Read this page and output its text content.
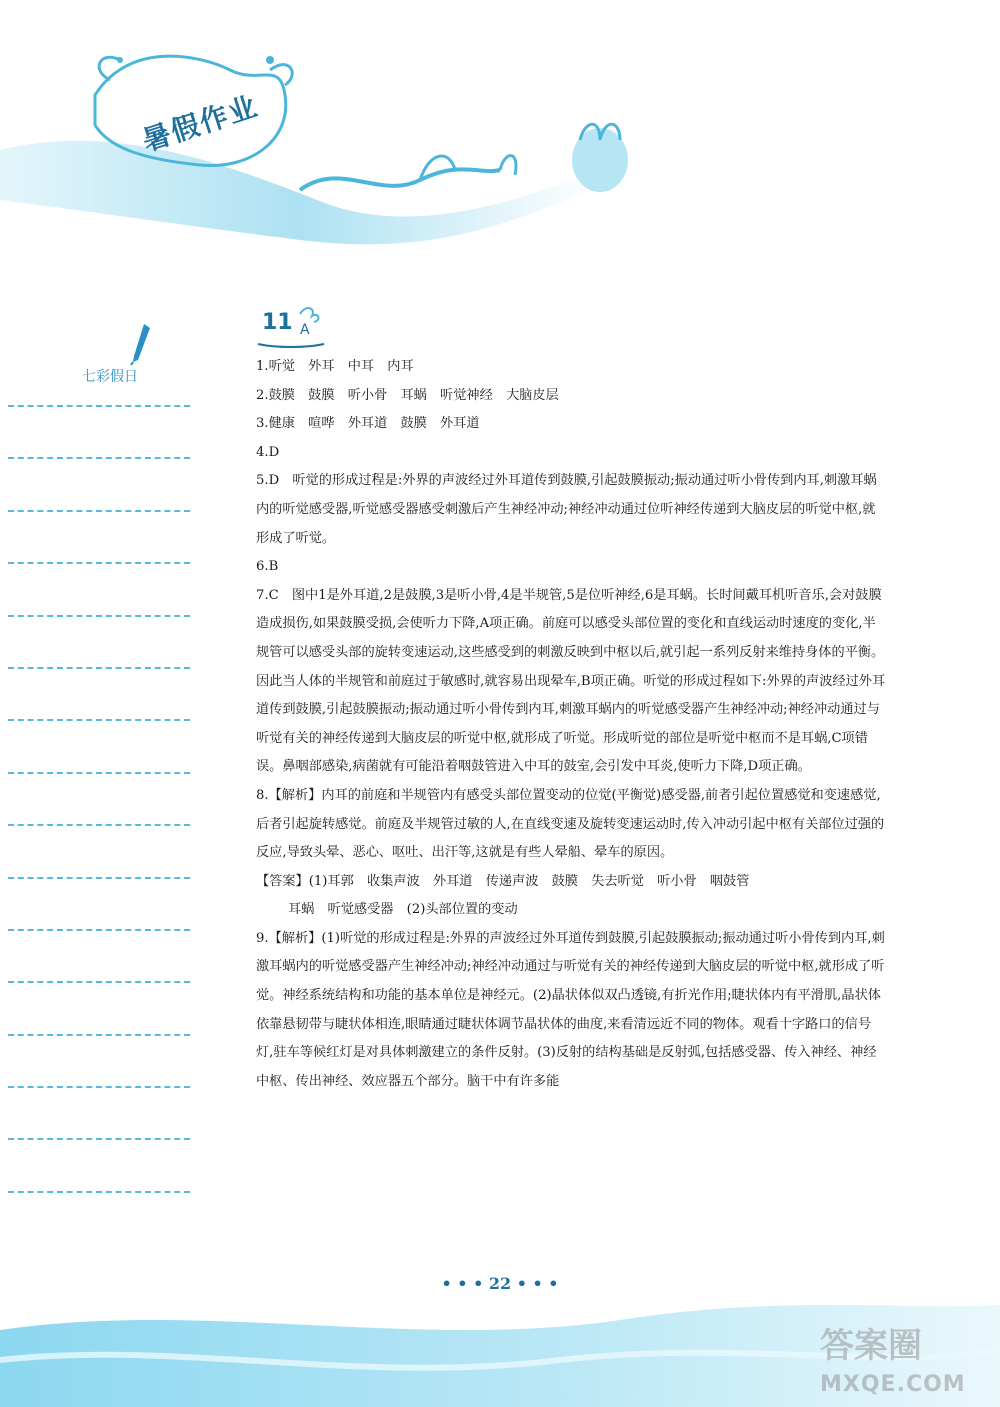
暑假作业
七彩假日
11 A

1.听觉　外耳　中耳　内耳

2.鼓膜　鼓膜　听小骨　耳蜗　听觉神经　大脑皮层

3.健康　喧哗　外耳道　鼓膜　外耳道

4.D

5.D　听觉的形成过程是:外界的声波经过外耳道传到鼓膜,引起鼓膜振动;振动通过听小骨传到内耳,刺激耳蜗内的听觉感受器,听觉感受器感受刺激后产生神经冲动;神经冲动通过位听神经传递到大脑皮层的听觉中枢,就形成了听觉。

6.B

7.C　图中1是外耳道,2是鼓膜,3是听小骨,4是半规管,5是位听神经,6是耳蜗。长时间戴耳机听音乐,会对鼓膜造成损伤,如果鼓膜受损,会使听力下降,A项正确。前庭可以感受头部位置的变化和直线运动时速度的变化,半规管可以感受头部的旋转变速运动,这些感受到的刺激反映到中枢以后,就引起一系列反射来维持身体的平衡。因此当人体的半规管和前庭过于敏感时,就容易出现晕车,B项正确。听觉的形成过程如下:外界的声波经过外耳道传到鼓膜,引起鼓膜振动;振动通过听小骨传到内耳,刺激耳蜗内的听觉感受器产生神经冲动;神经冲动通过与听觉有关的神经传递到大脑皮层的听觉中枢,就形成了听觉。形成听觉的部位是听觉中枢而不是耳蜗,C项错误。鼻咽部感染,病菌就有可能沿着咽鼓管进入中耳的鼓室,会引发中耳炎,使听力下降,D项正确。

8.【解析】内耳的前庭和半规管内有感受头部位置变动的位觉(平衡觉)感受器,前者引起位置感觉和变速感觉,后者引起旋转感觉。前庭及半规管过敏的人,在直线变速及旋转变速运动时,传入冲动引起中枢有关部位过强的反应,导致头晕、恶心、呕吐、出汗等,这就是有些人晕船、晕车的原因。

【答案】(1)耳郭　收集声波　外耳道　传递声波　鼓膜　失去听觉　听小骨　咽鼓管

耳蜗　听觉感受器　(2)头部位置的变动

9.【解析】(1)听觉的形成过程是:外界的声波经过外耳道传到鼓膜,引起鼓膜振动;振动通过听小骨传到内耳,刺激耳蜗内的听觉感受器产生神经冲动;神经冲动通过与听觉有关的神经传递到大脑皮层的听觉中枢,就形成了听觉。神经系统结构和功能的基本单位是神经元。(2)晶状体似双凸透镜,有折光作用;睫状体内有平滑肌,晶状体依靠悬韧带与睫状体相连,眼睛通过睫状体调节晶状体的曲度,来看清远近不同的物体。观看十字路口的信号灯,驻车等候红灯是对具体刺激建立的条件反射。(3)反射的结构基础是反射弧,包括感受器、传入神经、神经中枢、传出神经、效应器五个部分。脑干中有许多能

• • • 22 • • •
答案圈
MXQE.COM
